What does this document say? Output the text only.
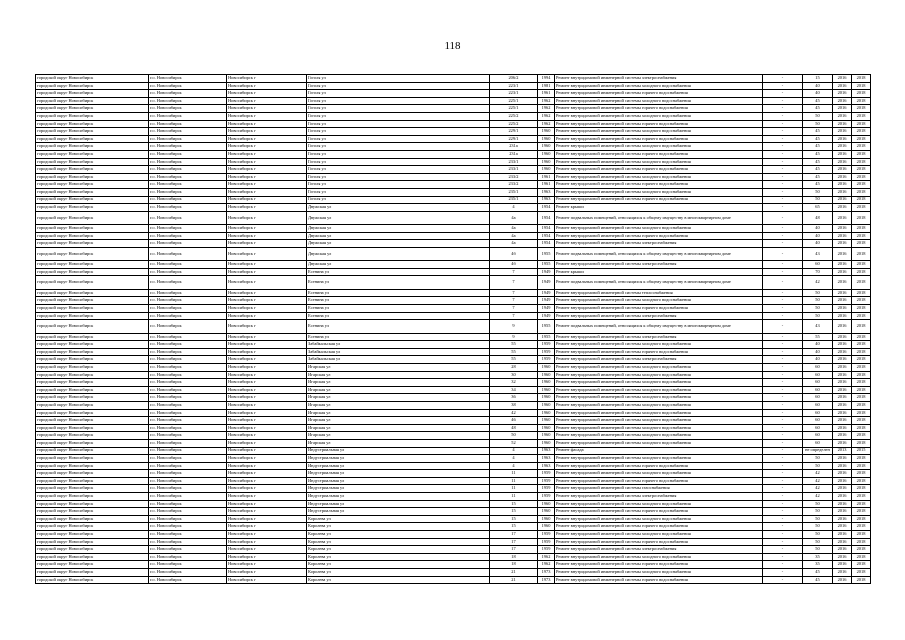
118
городской округ Новосибирск	г.о. Новосибирск	Новосибирск г	Гоголя ул	206/2	1994	Ремонт внутридомовой инженерной системы электроснабжения	-	15	2016	2018
городской округ Новосибирск	г.о. Новосибирск	Новосибирск г	Гоголя ул	223/1	1981	Ремонт внутридомовой инженерной системы холодного водоснабжения	-	40	2016	2018
городской округ Новосибирск	г.о. Новосибирск	Новосибирск г	Гоголя ул	223/1	1961	Ремонт внутридомовой инженерной системы горячего водоснабжения	-	40	2016	2018
городской округ Новосибирск	г.о. Новосибирск	Новосибирск г	Гоголя ул	225/1	1962	Ремонт внутридомовой инженерной системы холодного водоснабжения	-	45	2016	2018
городской округ Новосибирск	г.о. Новосибирск	Новосибирск г	Гоголя ул	225/1	1962	Ремонт внутридомовой инженерной системы горячего водоснабжения	-	45	2016	2018
городской округ Новосибирск	г.о. Новосибирск	Новосибирск г	Гоголя ул	225/2	1962	Ремонт внутридомовой инженерной системы холодного водоснабжения	-	50	2016	2018
городской округ Новосибирск	г.о. Новосибирск	Новосибирск г	Гоголя ул	225/2	1962	Ремонт внутридомовой инженерной системы горячего водоснабжения	-	50	2016	2018
городской округ Новосибирск	г.о. Новосибирск	Новосибирск г	Гоголя ул	229/1	1960	Ремонт внутридомовой инженерной системы холодного водоснабжения	-	45	2016	2018
городской округ Новосибирск	г.о. Новосибирск	Новосибирск г	Гоголя ул	229/1	1960	Ремонт внутридомовой инженерной системы горячего водоснабжения	-	45	2016	2018
городской округ Новосибирск	г.о. Новосибирск	Новосибирск г	Гоголя ул	231а	1960	Ремонт внутридомовой инженерной системы холодного водоснабжения	-	45	2016	2018
городской округ Новосибирск	г.о. Новосибирск	Новосибирск г	Гоголя ул	231а	1960	Ремонт внутридомовой инженерной системы горячего водоснабжения	-	45	2016	2018
городской округ Новосибирск	г.о. Новосибирск	Новосибирск г	Гоголя ул	233/1	1960	Ремонт внутридомовой инженерной системы холодного водоснабжения	-	45	2016	2018
городской округ Новосибирск	г.о. Новосибирск	Новосибирск г	Гоголя ул	233/1	1960	Ремонт внутридомовой инженерной системы горячего водоснабжения	-	45	2016	2018
городской округ Новосибирск	г.о. Новосибирск	Новосибирск г	Гоголя ул	233/2	1961	Ремонт внутридомовой инженерной системы холодного водоснабжения	-	45	2016	2018
городской округ Новосибирск	г.о. Новосибирск	Новосибирск г	Гоголя ул	233/2	1961	Ремонт внутридомовой инженерной системы горячего водоснабжения	-	45	2016	2018
городской округ Новосибирск	г.о. Новосибирск	Новосибирск г	Гоголя ул	235/1	1963	Ремонт внутридомовой инженерной системы холодного водоснабжения	-	50	2016	2018
городской округ Новосибирск	г.о. Новосибирск	Новосибирск г	Гоголя ул	235/1	1963	Ремонт внутридомовой инженерной системы горячего водоснабжения	-	50	2016	2018
городской округ Новосибирск	г.о. Новосибирск	Новосибирск г	Двужская ул	4	1954	Ремонт крыши	-	65	2016	2018
городской округ Новосибирск	г.о. Новосибирск	Новосибирск г	Двужская ул	4а	1954	Ремонт подвальных помещений, относящихся к общему имуществу в многоквартирном доме	-	48	2016	2018
городской округ Новосибирск	г.о. Новосибирск	Новосибирск г	Двужская ул	4а	1954	Ремонт внутридомовой инженерной системы холодного водоснабжения	-	40	2016	2018
городской округ Новосибирск	г.о. Новосибирск	Новосибирск г	Двужская ул	4а	1954	Ремонт внутридомовой инженерной системы горячего водоснабжения	-	40	2016	2018
городской округ Новосибирск	г.о. Новосибирск	Новосибирск г	Двужская ул	4а	1954	Ремонт внутридомовой инженерной системы электроснабжения	-	40	2016	2018
городской округ Новосибирск	г.о. Новосибирск	Новосибирск г	Двужская ул	4б	1955	Ремонт подвальных помещений, относящихся к общему имуществу в многоквартирном доме	-	43	2016	2018
городской округ Новосибирск	г.о. Новосибирск	Новосибирск г	Двужская ул	4б	1955	Ремонт внутридомовой инженерной системы электроснабжения	-	60	2016	2018
городской округ Новосибирск	г.о. Новосибирск	Новосибирск г	Есенина ул	7	1949	Ремонт крыши	-	70	2016	2018
городской округ Новосибирск	г.о. Новосибирск	Новосибирск г	Есенина ул	7	1949	Ремонт подвальных помещений, относящихся к общему имуществу в многоквартирном доме	-	42	2016	2018
городской округ Новосибирск	г.о. Новосибирск	Новосибирск г	Есенина ул	7	1949	Ремонт внутридомовой инженерной системы теплоснабжения	-	50	2016	2018
городской округ Новосибирск	г.о. Новосибирск	Новосибирск г	Есенина ул	7	1949	Ремонт внутридомовой инженерной системы холодного водоснабжения	-	50	2016	2018
городской округ Новосибирск	г.о. Новосибирск	Новосибирск г	Есенина ул	7	1949	Ремонт внутридомовой инженерной системы горячего водоснабжения	-	50	2016	2018
городской округ Новосибирск	г.о. Новосибирск	Новосибирск г	Есенина ул	7	1949	Ремонт внутридомовой инженерной системы электроснабжения	-	50	2016	2018
городской округ Новосибирск	г.о. Новосибирск	Новосибирск г	Есенина ул	9	1955	Ремонт подвальных помещений, относящихся к общему имуществу в многоквартирном доме	-	43	2016	2018
городской округ Новосибирск	г.о. Новосибирск	Новосибирск г	Есенина ул	9	1955	Ремонт внутридомовой инженерной системы электроснабжения	-	55	2016	2018
городской округ Новосибирск	г.о. Новосибирск	Новосибирск г	Забайкальская ул	55	1959	Ремонт внутридомовой инженерной системы холодного водоснабжения	-	40	2016	2018
городской округ Новосибирск	г.о. Новосибирск	Новосибирск г	Забайкальская ул	55	1959	Ремонт внутридомовой инженерной системы горячего водоснабжения	-	40	2016	2018
городской округ Новосибирск	г.о. Новосибирск	Новосибирск г	Забайкальская ул	55	1959	Ремонт внутридомовой инженерной системы электроснабжения	-	40	2016	2018
городской округ Новосибирск	г.о. Новосибирск	Новосибирск г	Игарская ул	28	1960	Ремонт внутридомовой инженерной системы холодного водоснабжения	-	60	2016	2018
городской округ Новосибирск	г.о. Новосибирск	Новосибирск г	Игарская ул	30	1960	Ремонт внутридомовой инженерной системы холодного водоснабжения	-	60	2016	2018
городской округ Новосибирск	г.о. Новосибирск	Новосибирск г	Игарская ул	32	1960	Ремонт внутридомовой инженерной системы холодного водоснабжения	-	60	2016	2018
городской округ Новосибирск	г.о. Новосибирск	Новосибирск г	Игарская ул	34	1960	Ремонт внутридомовой инженерной системы холодного водоснабжения	-	60	2016	2018
городской округ Новосибирск	г.о. Новосибирск	Новосибирск г	Игарская ул	36	1960	Ремонт внутридомовой инженерной системы холодного водоснабжения	-	60	2016	2018
городской округ Новосибирск	г.о. Новосибирск	Новосибирск г	Игарская ул	38	1960	Ремонт внутридомовой инженерной системы холодного водоснабжения	-	60	2016	2018
городской округ Новосибирск	г.о. Новосибирск	Новосибирск г	Игарская ул	42	1960	Ремонт внутридомовой инженерной системы холодного водоснабжения	-	60	2016	2018
городской округ Новосибирск	г.о. Новосибирск	Новосибирск г	Игарская ул	46	1960	Ремонт внутридомовой инженерной системы холодного водоснабжения	-	60	2016	2018
городской округ Новосибирск	г.о. Новосибирск	Новосибирск г	Игарская ул	48	1960	Ремонт внутридомовой инженерной системы холодного водоснабжения	-	60	2016	2018
городской округ Новосибирск	г.о. Новосибирск	Новосибирск г	Игарская ул	50	1960	Ремонт внутридомовой инженерной системы холодного водоснабжения	-	60	2016	2018
городской округ Новосибирск	г.о. Новосибирск	Новосибирск г	Игарская ул	52	1960	Ремонт внутридомовой инженерной системы холодного водоснабжения	-	60	2016	2018
городской округ Новосибирск	г.о. Новосибирск	Новосибирск г	Индустриальная ул	4	1963	Ремонт фасада	-	не определен	2013	2015
городской округ Новосибирск	г.о. Новосибирск	Новосибирск г	Индустриальная ул	4	1963	Ремонт внутридомовой инженерной системы холодного водоснабжения	-	50	2016	2018
городской округ Новосибирск	г.о. Новосибирск	Новосибирск г	Индустриальная ул	4	1963	Ремонт внутридомовой инженерной системы горячего водоснабжения	-	50	2016	2018
городской округ Новосибирск	г.о. Новосибирск	Новосибирск г	Индустриальная ул	11	1959	Ремонт внутридомовой инженерной системы холодного водоснабжения	-	42	2016	2018
городской округ Новосибирск	г.о. Новосибирск	Новосибирск г	Индустриальная ул	11	1959	Ремонт внутридомовой инженерной системы горячего водоснабжения	-	42	2016	2018
городской округ Новосибирск	г.о. Новосибирск	Новосибирск г	Индустриальная ул	11	1959	Ремонт внутридомовой инженерной системы газоснабжения	-	42	2016	2018
городской округ Новосибирск	г.о. Новосибирск	Новосибирск г	Индустриальная ул	11	1959	Ремонт внутридомовой инженерной системы электроснабжения	-	42	2016	2018
городской округ Новосибирск	г.о. Новосибирск	Новосибирск г	Индустриальная ул	15	1960	Ремонт внутридомовой инженерной системы холодного водоснабжения	-	50	2016	2018
городской округ Новосибирск	г.о. Новосибирск	Новосибирск г	Индустриальная ул	15	1960	Ремонт внутридомовой инженерной системы горячего водоснабжения	-	50	2016	2018
городской округ Новосибирск	г.о. Новосибирск	Новосибирск г	Королева ул	15	1960	Ремонт внутридомовой инженерной системы холодного водоснабжения	-	50	2016	2018
городской округ Новосибирск	г.о. Новосибирск	Новосибирск г	Королева ул	15	1960	Ремонт внутридомовой инженерной системы горячего водоснабжения	-	50	2016	2018
городской округ Новосибирск	г.о. Новосибирск	Новосибирск г	Королева ул	17	1959	Ремонт внутридомовой инженерной системы холодного водоснабжения	-	50	2016	2018
городской округ Новосибирск	г.о. Новосибирск	Новосибирск г	Королева ул	17	1959	Ремонт внутридомовой инженерной системы горячего водоснабжения	-	50	2016	2018
городской округ Новосибирск	г.о. Новосибирск	Новосибирск г	Королева ул	17	1959	Ремонт внутридомовой инженерной системы электроснабжения	-	50	2016	2018
городской округ Новосибирск	г.о. Новосибирск	Новосибирск г	Королева ул	18	1962	Ремонт внутридомовой инженерной системы холодного водоснабжения	-	35	2016	2018
городской округ Новосибирск	г.о. Новосибирск	Новосибирск г	Королева ул	18	1962	Ремонт внутридомовой инженерной системы горячего водоснабжения	-	35	2016	2018
городской округ Новосибирск	г.о. Новосибирск	Новосибирск г	Королева ул	21	1973	Ремонт внутридомовой инженерной системы холодного водоснабжения	-	45	2016	2018
городской округ Новосибирск	г.о. Новосибирск	Новосибирск г	Королева ул	21	1973	Ремонт внутридомовой инженерной системы горячего водоснабжения	-	45	2016	2018
